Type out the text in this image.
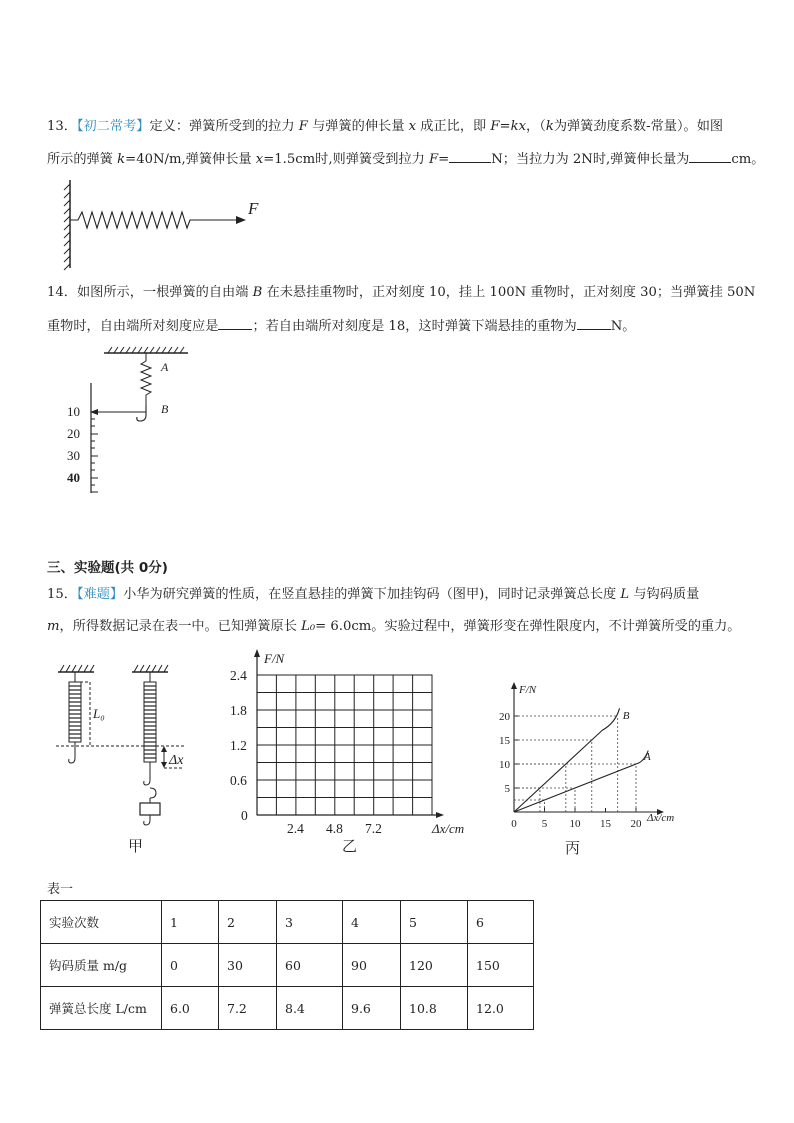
13．【初二常考】定义：弹簧所受到的拉力 F 与弹簧的伸长量 x 成正比，即 F=kx，（k为弹簧劲度系数-常量）。如图
所示的弹簧 k=40N/m,弹簧伸长量 x=1.5cm时,则弹簧受到拉力 F=	N；当拉力为 2N时,弹簧伸长量为	cm。
F
14．如图所示，一根弹簧的自由端 B 在未悬挂重物时，正对刻度 10，挂上 100N 重物时，正对刻度 30；当弹簧挂 50N
重物时，自由端所对刻度应是	；若自由端所对刻度是 18，这时弹簧下端悬挂的重物为	N。
A
B
10
20
30
40
三、实验题(共 0分)
15．【难题】小华为研究弹簧的性质，在竖直悬挂的弹簧下加挂钩码（图甲)，同时记录弹簧总长度 L 与钩码质量
m，所得数据记录在表一中。已知弹簧原长 L₀= 6.0cm。实验过程中，弹簧形变在弹性限度内，不计弹簧所受的重力。
L₀
Δx
甲
F/N
2.4
1.8
1.2
0.6
0
2.4 4.8 7.2	Δx/cm
乙
F/N
Δx/cm
20
15
10
5
0 5 10 15 20
A
B
丙
表一
实验次数	1	2	3	4	5	6
钩码质量 m/g	0	30	60	90	120	150
弹簧总长度 L/cm	6.0	7.2	8.4	9.6	10.8	12.0
